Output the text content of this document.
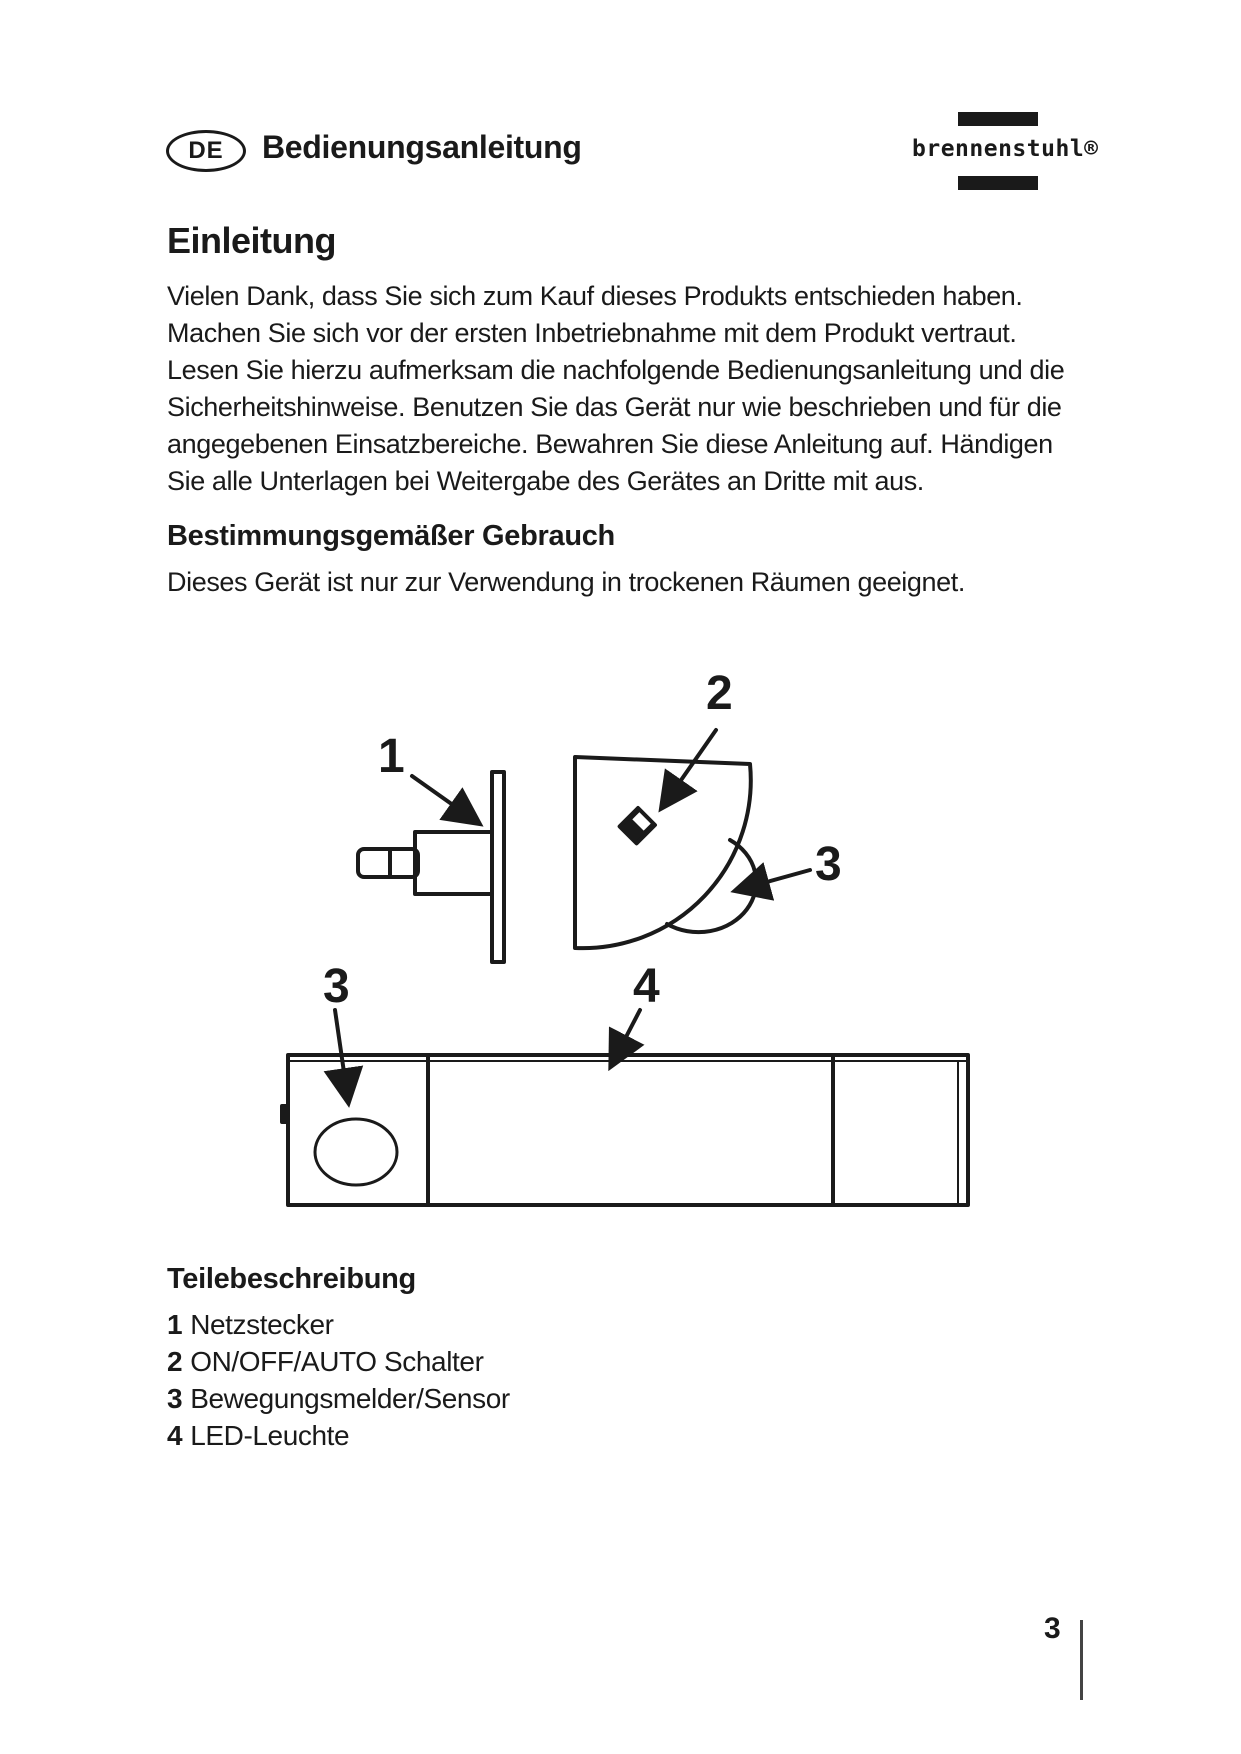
DE	Bedienungsanleitung	brennenstuhl®
Einleitung

Vielen Dank, dass Sie sich zum Kauf dieses Produkts entschieden haben.

Machen Sie sich vor der ersten Inbetriebnahme mit dem Produkt vertraut.

Lesen Sie hierzu aufmerksam die nachfolgende Bedienungsanleitung und die

Sicherheitshinweise. Benutzen Sie das Gerät nur wie beschrieben und für die

angegebenen Einsatzbereiche. Bewahren Sie diese Anleitung auf. Händigen

Sie alle Unterlagen bei Weitergabe des Gerätes an Dritte mit aus.

Bestimmungsgemäßer Gebrauch
Dieses Gerät ist nur zur Verwendung in trockenen Räumen geeignet.
1
2
3
3	4
Teilebeschreibung
1 Netzstecker
2 ON/OFF/AUTO Schalter
3 Bewegungsmelder/Sensor
4 LED-Leuchte
3
